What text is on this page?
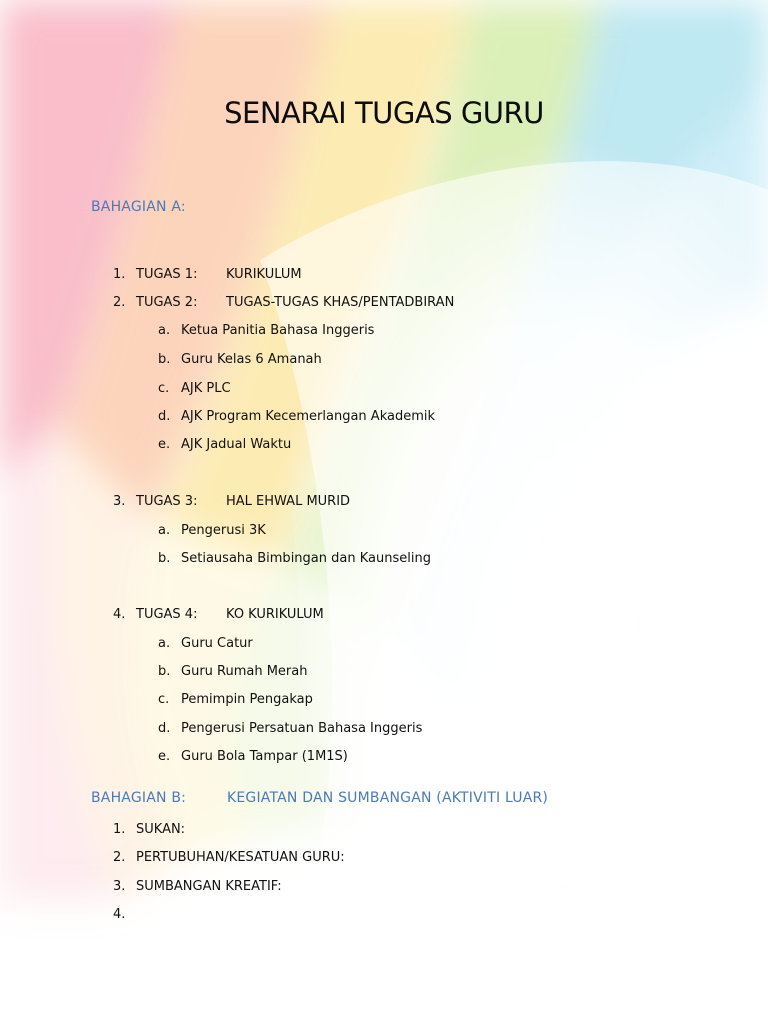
SENARAI TUGAS GURU
BAHAGIAN A:
1. TUGAS 1: KURIKULUM
2. TUGAS 2: TUGAS-TUGAS KHAS/PENTADBIRAN
a. Ketua Panitia Bahasa Inggeris
b. Guru Kelas 6 Amanah
c. AJK PLC
d. AJK Program Kecemerlangan Akademik
e. AJK Jadual Waktu
3. TUGAS 3: HAL EHWAL MURID
a. Pengerusi 3K
b. Setiausaha Bimbingan dan Kaunseling
4. TUGAS 4: KO KURIKULUM
a. Guru Catur
b. Guru Rumah Merah
c. Pemimpin Pengakap
d. Pengerusi Persatuan Bahasa Inggeris
e. Guru Bola Tampar (1M1S)
BAHAGIAN B:	KEGIATAN DAN SUMBANGAN (AKTIVITI LUAR)
1. SUKAN:
2. PERTUBUHAN/KESATUAN GURU:
3. SUMBANGAN KREATIF:
4.
